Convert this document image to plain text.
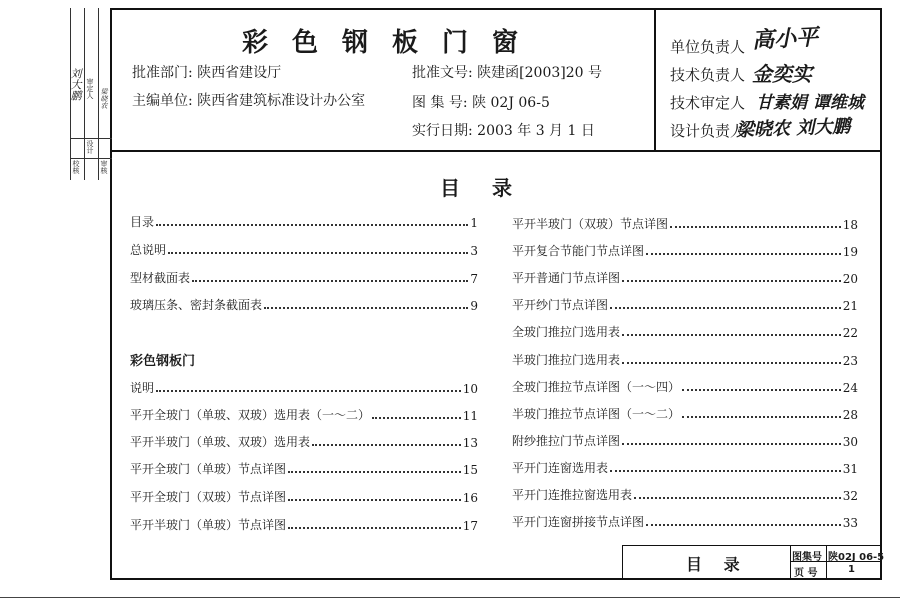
刘大鹏 审定人 梁晓农
设计
校核	审核
彩色钢板门窗
批准部门: 陕西省建设厅
主编单位: 陕西省建筑标准设计办公室
批准文号: 陕建函[2003]20 号
图 集 号: 陕 02J 06-5
实行日期: 2003 年 3 月 1 日
单位负责人 高小平
技术负责人 金奕实
技术审定人 甘素娟 谭维城
设计负责人
梁晓农 刘大鹏
目录
目录	1
总说明	3
型材截面表	7
玻璃压条、密封条截面表	9
彩色钢板门
说明	10
平开全玻门（单玻、双玻）选用表（一～二）	11
平开半玻门（单玻、双玻）选用表	13
平开全玻门（单玻）节点详图	15
平开全玻门（双玻）节点详图	16
平开半玻门（单玻）节点详图	17
平开半玻门（双玻）节点详图	18
平开复合节能门节点详图	19
平开普通门节点详图	20
平开纱门节点详图	21
全玻门推拉门选用表	22
半玻门推拉门选用表	23
全玻门推拉节点详图（一～四）	24
半玻门推拉节点详图（一～二）	28
附纱推拉门节点详图	30
平开门连窗选用表	31
平开门连推拉窗选用表	32
平开门连窗拼接节点详图	33
目 录	图集号 陕02J 06-5
页 号	1
